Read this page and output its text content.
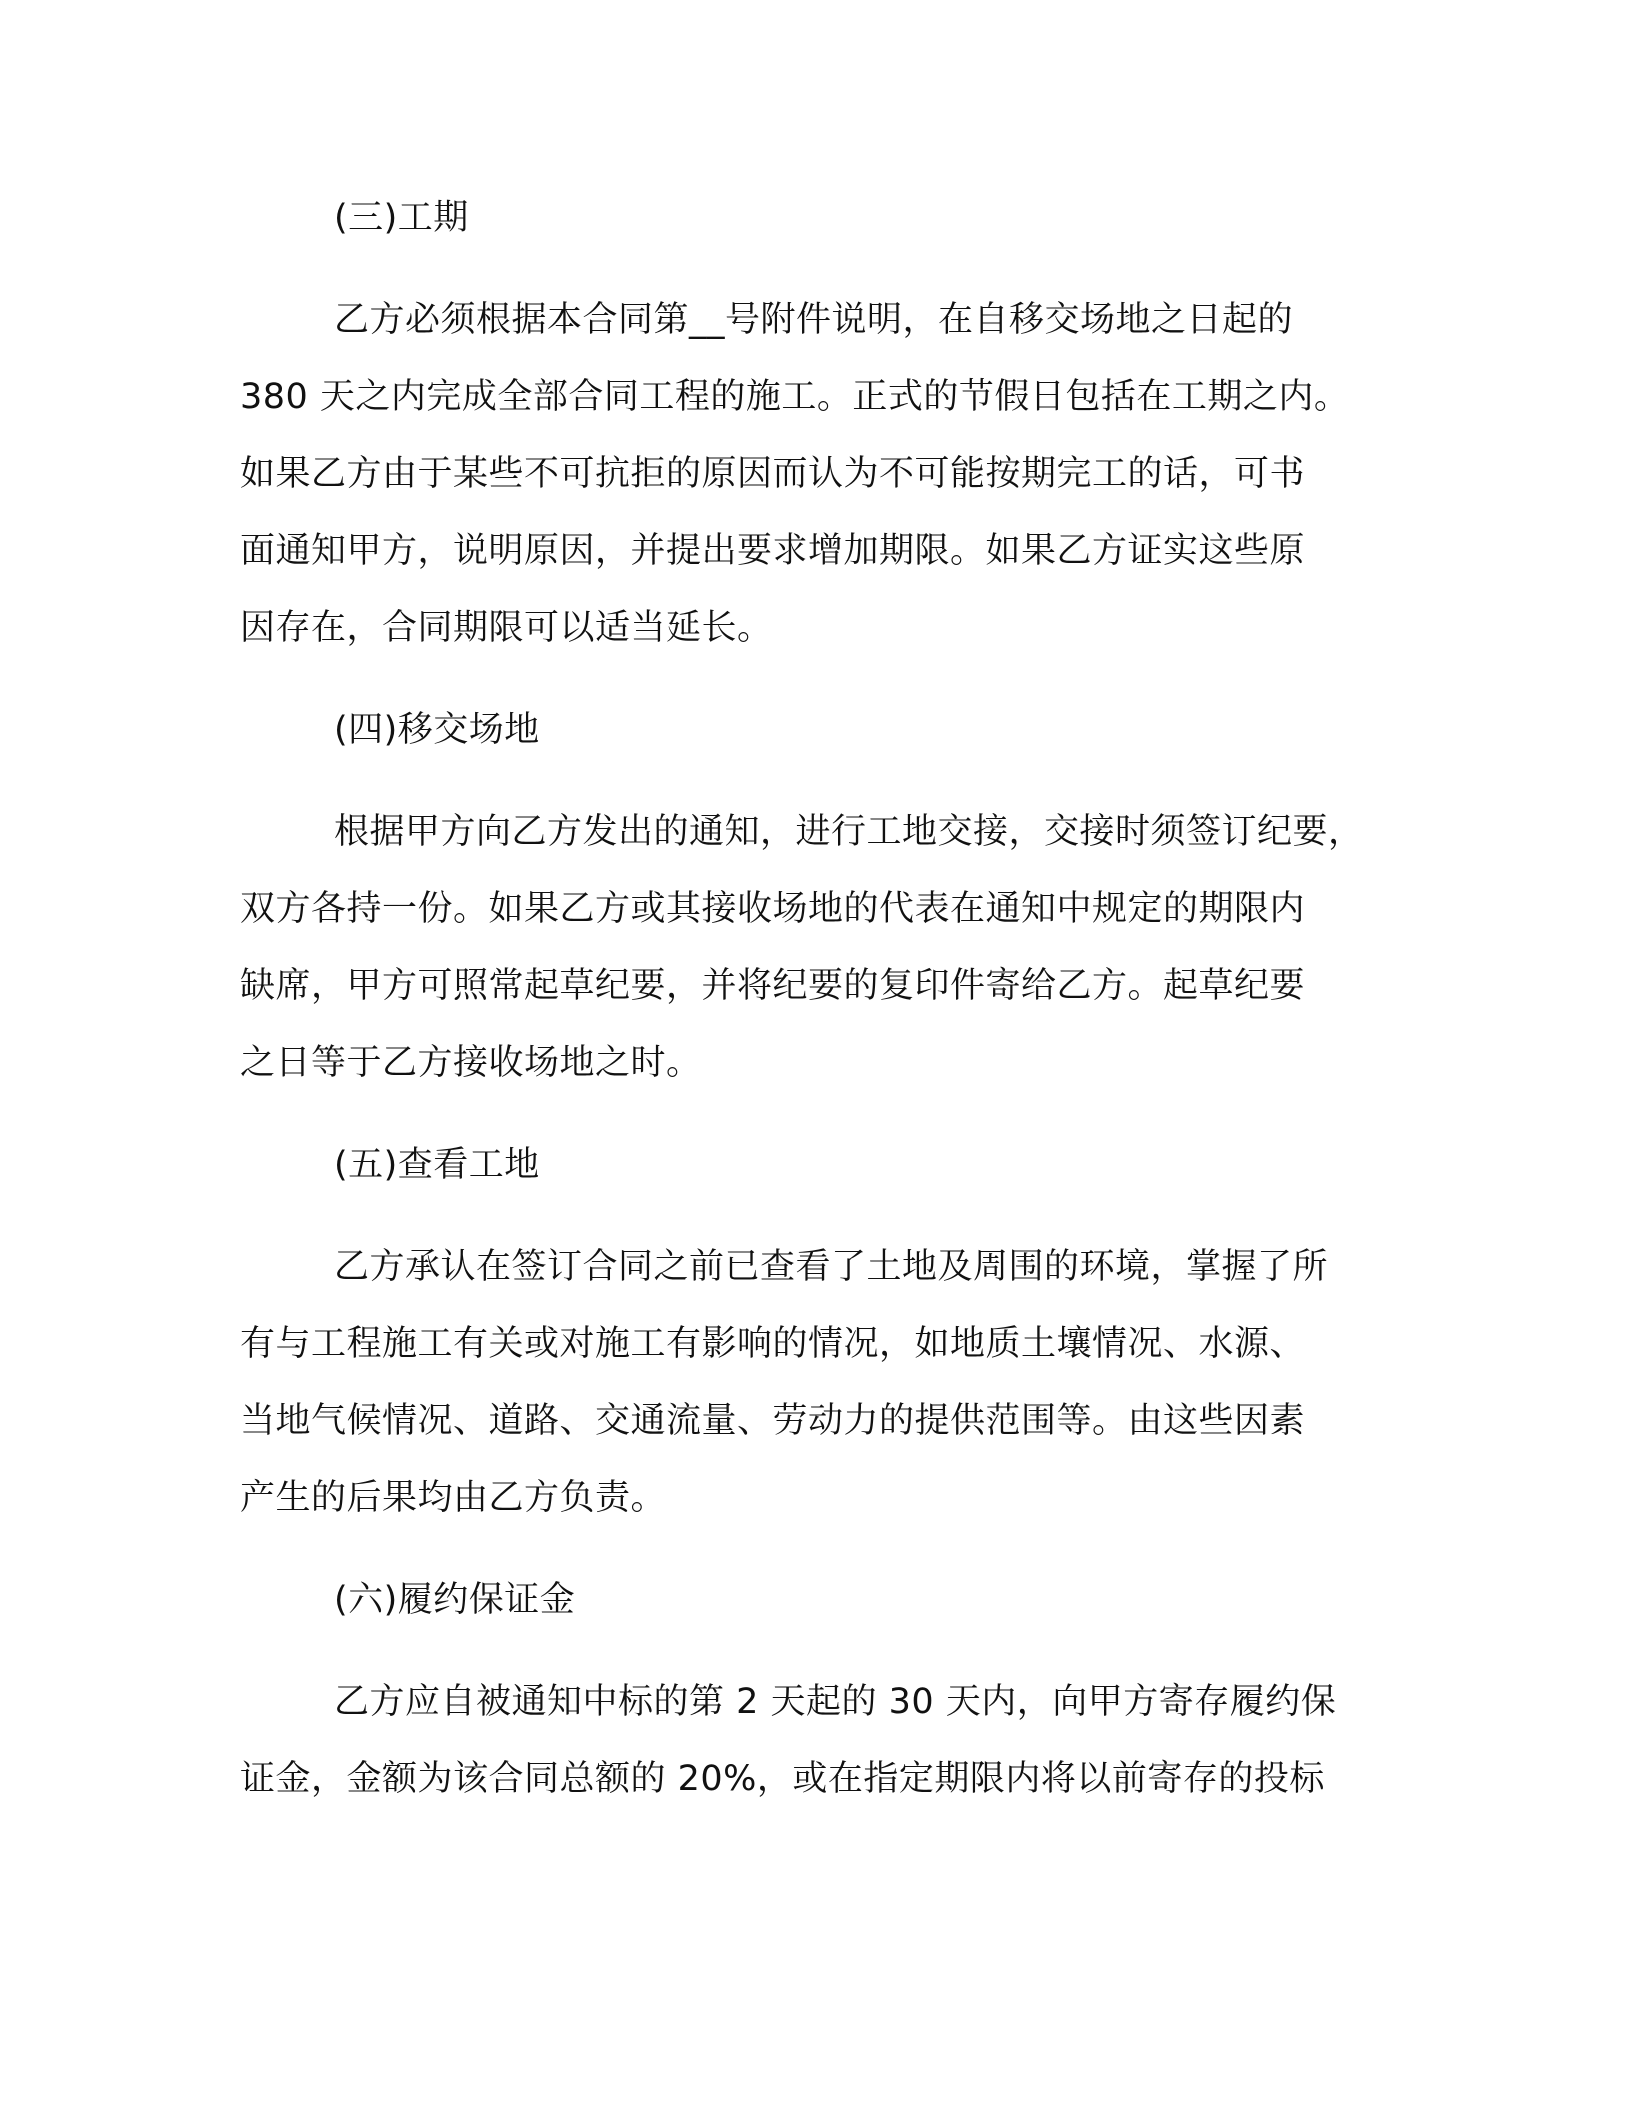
(三)工期
乙方必须根据本合同第__号附件说明，在自移交场地之日起的
380 天之内完成全部合同工程的施工。正式的节假日包括在工期之内。
如果乙方由于某些不可抗拒的原因而认为不可能按期完工的话，可书
面通知甲方，说明原因，并提出要求增加期限。如果乙方证实这些原
因存在，合同期限可以适当延长。
(四)移交场地
根据甲方向乙方发出的通知，进行工地交接，交接时须签订纪要，
双方各持一份。如果乙方或其接收场地的代表在通知中规定的期限内
缺席，甲方可照常起草纪要，并将纪要的复印件寄给乙方。起草纪要
之日等于乙方接收场地之时。
(五)查看工地
乙方承认在签订合同之前已查看了土地及周围的环境，掌握了所
有与工程施工有关或对施工有影响的情况，如地质土壤情况、水源、
当地气候情况、道路、交通流量、劳动力的提供范围等。由这些因素
产生的后果均由乙方负责。
(六)履约保证金
乙方应自被通知中标的第 2 天起的 30 天内，向甲方寄存履约保
证金，金额为该合同总额的 20%，或在指定期限内将以前寄存的投标
